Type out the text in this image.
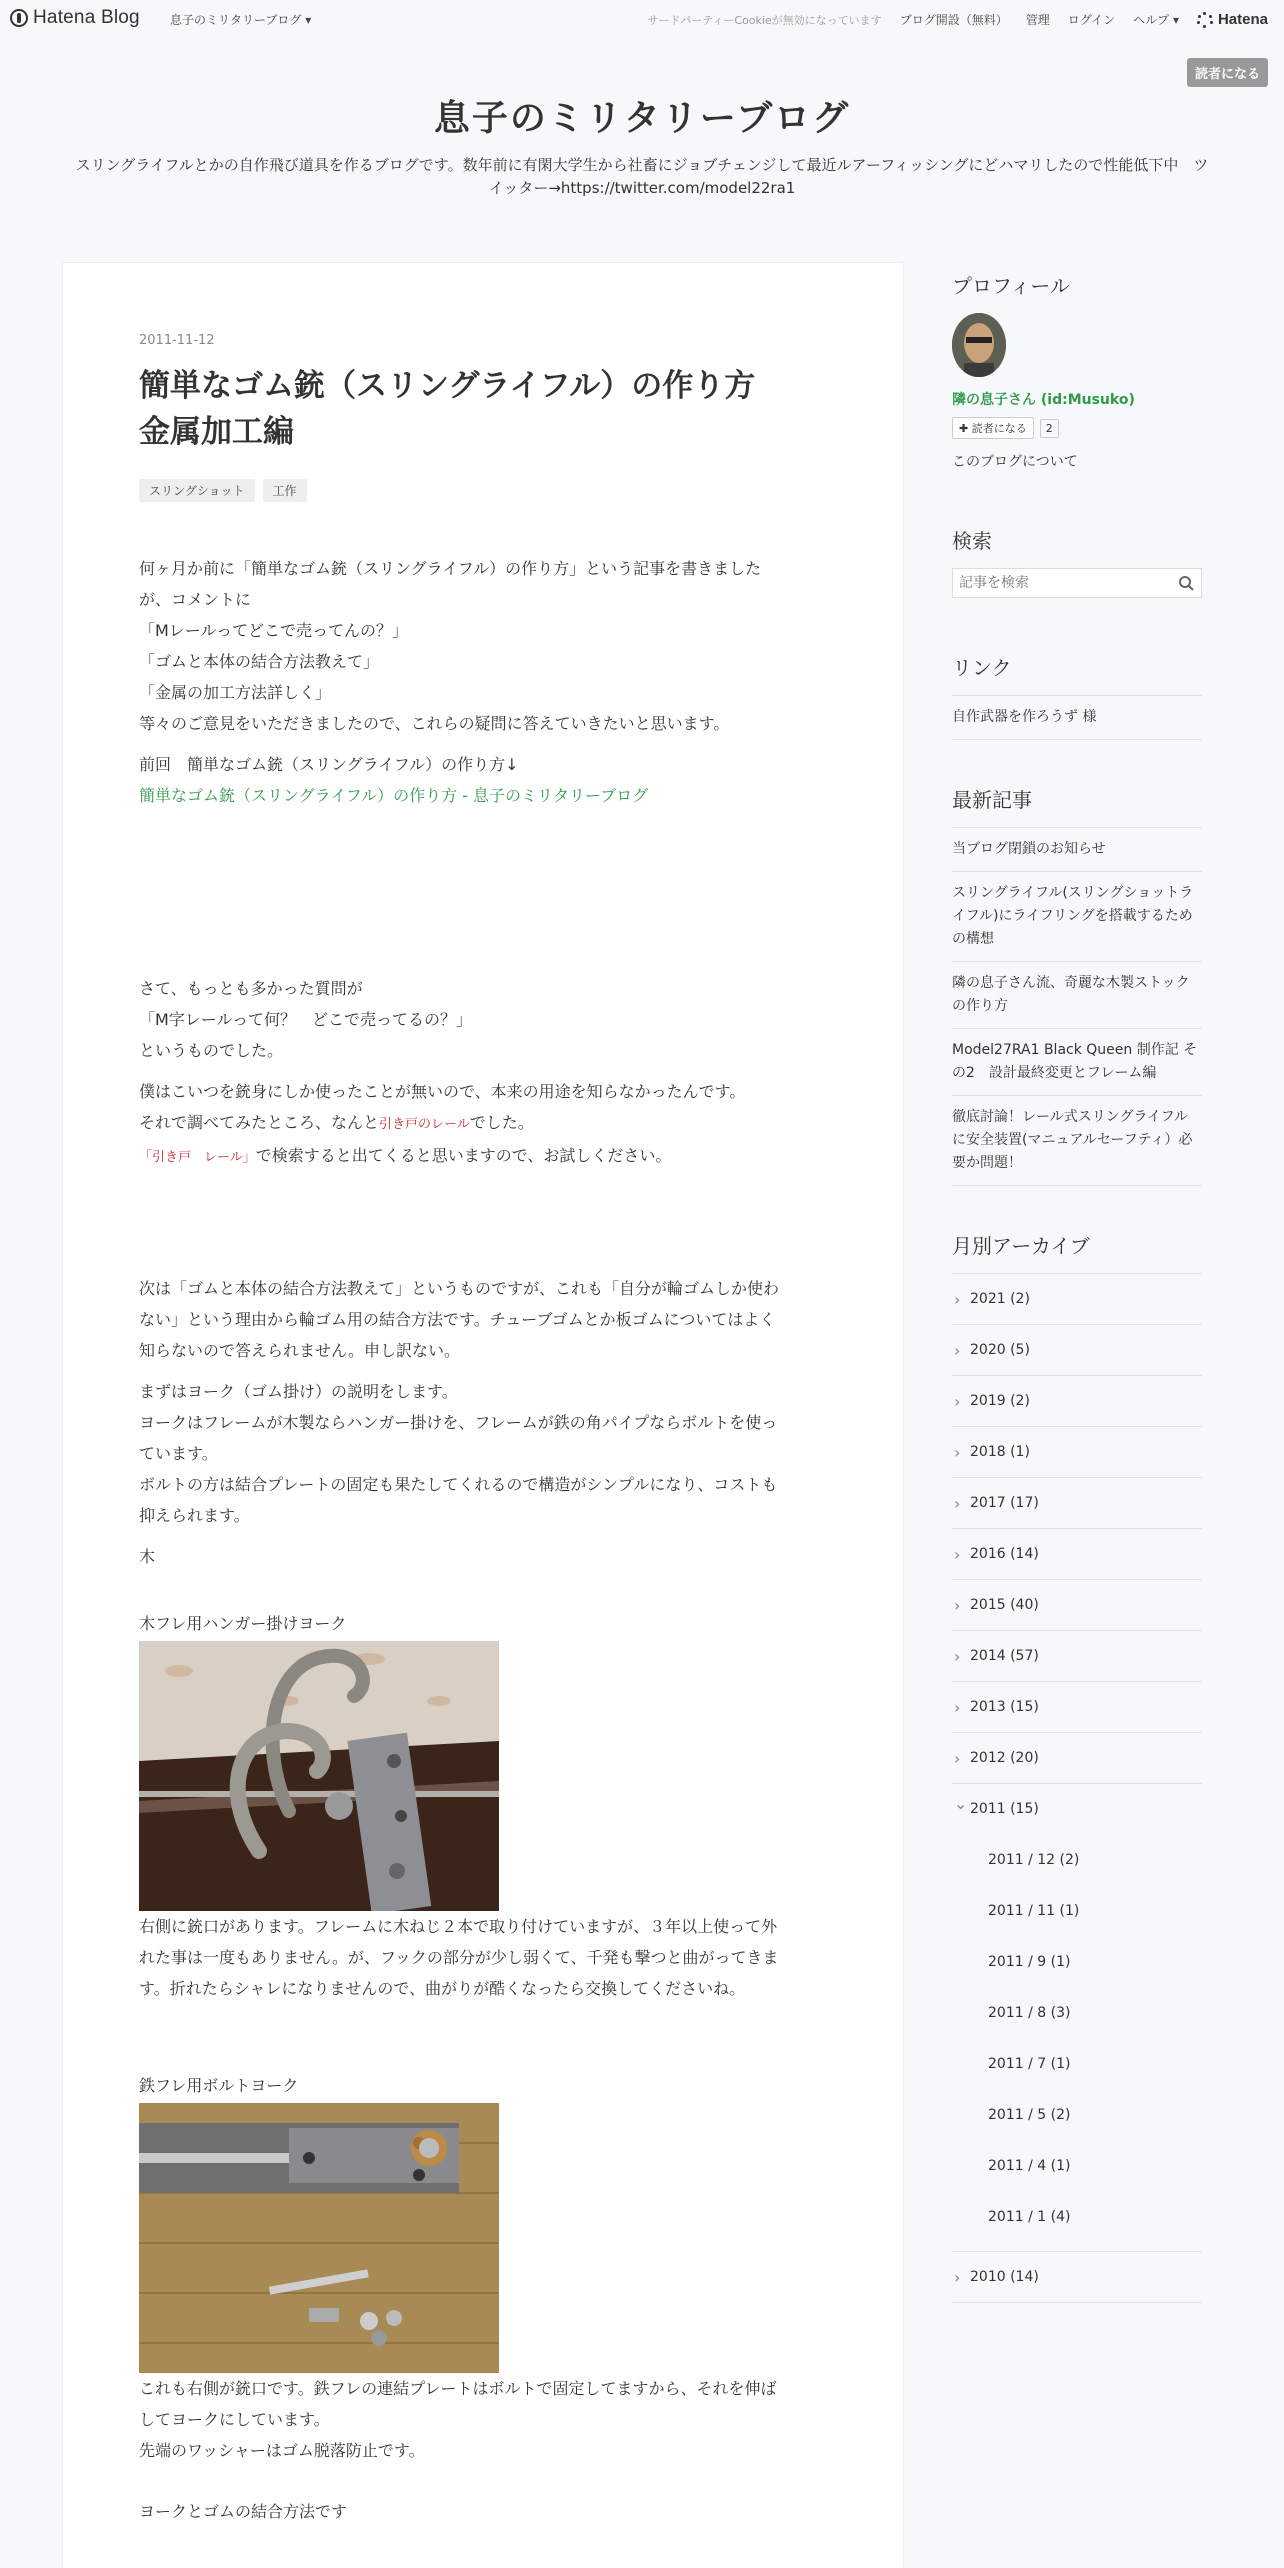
Hatena Blog	息子のミリタリーブログ ▾	サードパーティーCookieが無効になっています ブログ開設（無料） 管理 ログイン ヘルプ ▾	Hatena
読者になる
息子のミリタリーブログ
スリングライフルとかの自作飛び道具を作るブログです。数年前に有閑大学生から社畜にジョブチェンジして最近ルアーフィッシングにどハマリしたので性能低下中　ツ
イッター→https://twitter.com/model22ra1
2011-11-12
簡単なゴム銃（スリングライフル）の作り方
金属加工編
スリングショット	工作

何ヶ月か前に「簡単なゴム銃（スリングライフル）の作り方」という記事を書きました

が、コメントに

「Mレールってどこで売ってんの？」

「ゴムと本体の結合方法教えて」

「金属の加工方法詳しく」

等々のご意見をいただきましたので、これらの疑問に答えていきたいと思います。

前回　簡単なゴム銃（スリングライフル）の作り方↓

簡単なゴム銃（スリングライフル）の作り方 - 息子のミリタリーブログ

さて、もっとも多かった質問が

「M字レールって何？　どこで売ってるの？」

というものでした。

僕はこいつを銃身にしか使ったことが無いので、本来の用途を知らなかったんです。

それで調べてみたところ、なんと引き戸のレールでした。

「引き戸　レール」で検索すると出てくると思いますので、お試しください。

次は「ゴムと本体の結合方法教えて」というものですが、これも「自分が輪ゴムしか使わ

ない」という理由から輪ゴム用の結合方法です。チューブゴムとか板ゴムについてはよく

知らないので答えられません。申し訳ない。

まずはヨーク（ゴム掛け）の説明をします。

ヨークはフレームが木製ならハンガー掛けを、フレームが鉄の角パイプならボルトを使っ

ています。

ボルトの方は結合プレートの固定も果たしてくれるので構造がシンプルになり、コストも

抑えられます。

木

木フレ用ハンガー掛けヨーク

右側に銃口があります。フレームに木ねじ２本で取り付けていますが、３年以上使って外

れた事は一度もありません。が、フックの部分が少し弱くて、千発も撃つと曲がってきま

す。折れたらシャレになりませんので、曲がりが酷くなったら交換してくださいね。

鉄フレ用ボルトヨーク

これも右側が銃口です。鉄フレの連結プレートはボルトで固定してますから、それを伸ば

してヨークにしています。

先端のワッシャーはゴム脱落防止です。

ヨークとゴムの結合方法です

プロフィール
隣の息子さん (id:Musuko)
✚ 読者になる	2
このブログについて
検索
記事を検索
リンク
自作武器を作ろうず 様
最新記事
当ブログ閉鎖のお知らせ
スリングライフル(スリングショットライフル)にライフリングを搭載するための構想
隣の息子さん流、奇麗な木製ストックの作り方
Model27RA1 Black Queen 制作記 その2　設計最終変更とフレーム編
徹底討論！レール式スリングライフルに安全装置(マニュアルセーフティ）必要か問題！
月別アーカイブ
› 2021 (2)
› 2020 (5)
› 2019 (2)
› 2018 (1)
› 2017 (17)
› 2016 (14)
› 2015 (40)
› 2014 (57)
› 2013 (15)
› 2012 (20)
⌄ 2011 (15)
2011 / 12 (2)
2011 / 11 (1)
2011 / 9 (1)
2011 / 8 (3)
2011 / 7 (1)
2011 / 5 (2)
2011 / 4 (1)
2011 / 1 (4)
› 2010 (14)
